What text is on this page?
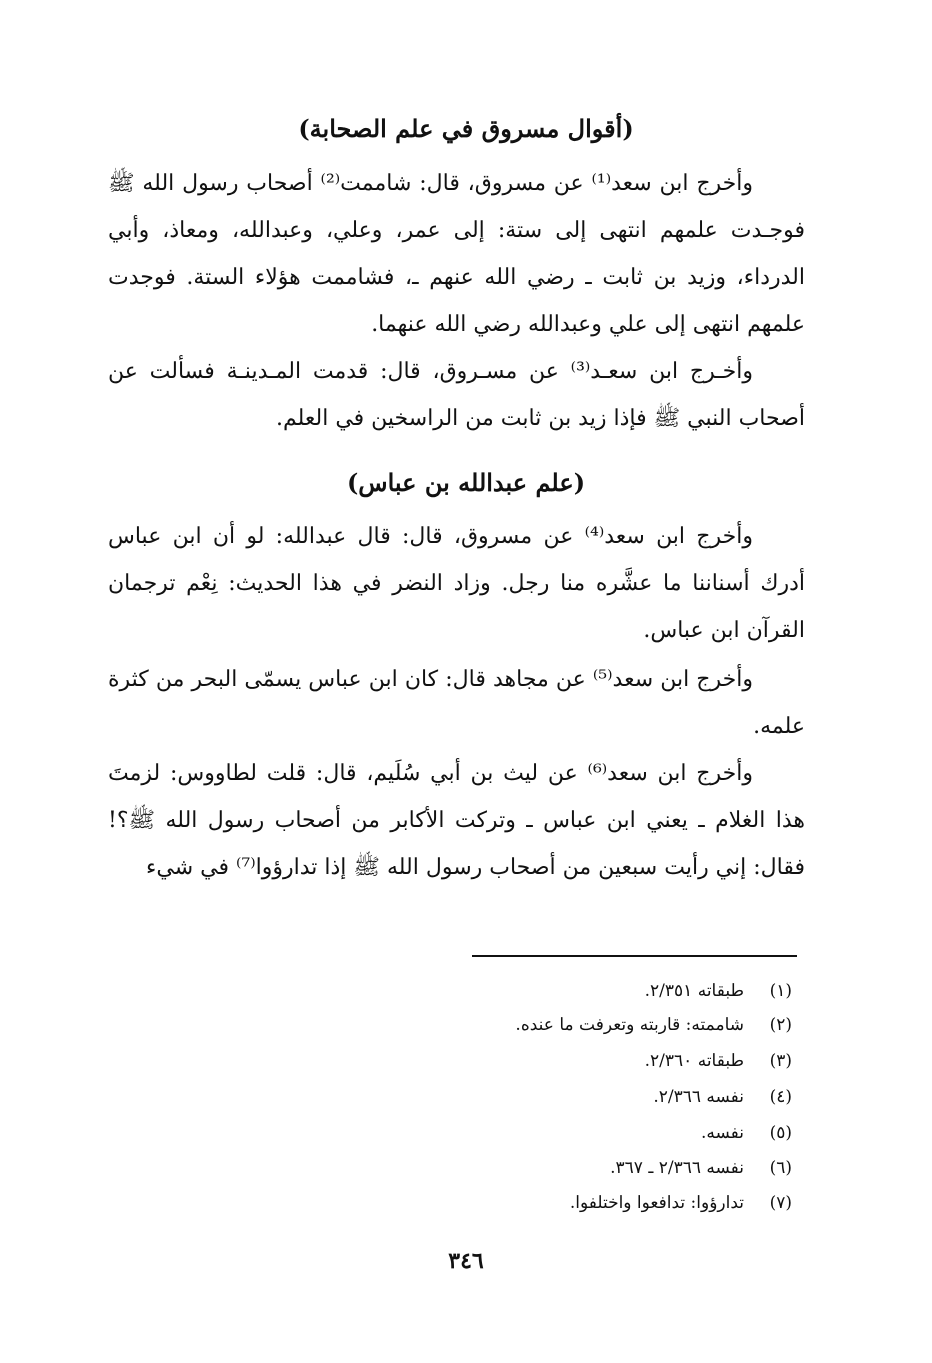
(أقوال مسروق في علم الصحابة)
وأخرج ابن سعد⁽¹⁾ عن مسروق، قال: شاممت⁽²⁾ أصحاب رسول الله ﷺ فوجـدت علمهم انتهى إلى ستة: إلى عمر، وعلي، وعبدالله، ومعاذ، وأبي الدرداء، وزيد بن ثابت ـ رضي الله عنهم ـ، فشاممت هؤلاء الستة. فوجدت علمهم انتهى إلى علي وعبدالله رضي الله عنهما.
وأخـرج ابن سعـد⁽³⁾ عن مسـروق، قال: قدمت المـدينـة فسألت عن أصحاب النبي ﷺ فإذا زيد بن ثابت من الراسخين في العلم.
(علم عبدالله بن عباس)
وأخرج ابن سعد⁽⁴⁾ عن مسروق، قال: قال عبدالله: لو أن ابن عباس أدرك أسناننا ما عشَّره منا رجل. وزاد النضر في هذا الحديث: نِعْم ترجمان القرآن ابن عباس.
وأخرج ابن سعد⁽⁵⁾ عن مجاهد قال: كان ابن عباس يسمّى البحر من كثرة علمه.
وأخرج ابن سعد⁽⁶⁾ عن ليث بن أبي سُلَيم، قال: قلت لطاووس: لزمتَ هذا الغلام ـ يعني ابن عباس ـ وتركت الأكابر من أصحاب رسول الله ﷺ؟! فقال: إني رأيت سبعين من أصحاب رسول الله ﷺ إذا تدارؤوا⁽⁷⁾ في شيء
(١)طبقاته ٢/٣٥١.
(٢)شاممته: قاربته وتعرفت ما عنده.
(٣)طبقاته ٢/٣٦٠.
(٤)نفسه ٢/٣٦٦.
(٥)نفسه.
(٦)نفسه ٢/٣٦٦ ـ ٣٦٧.
(٧)تدارؤوا: تدافعوا واختلفوا.
٣٤٦
